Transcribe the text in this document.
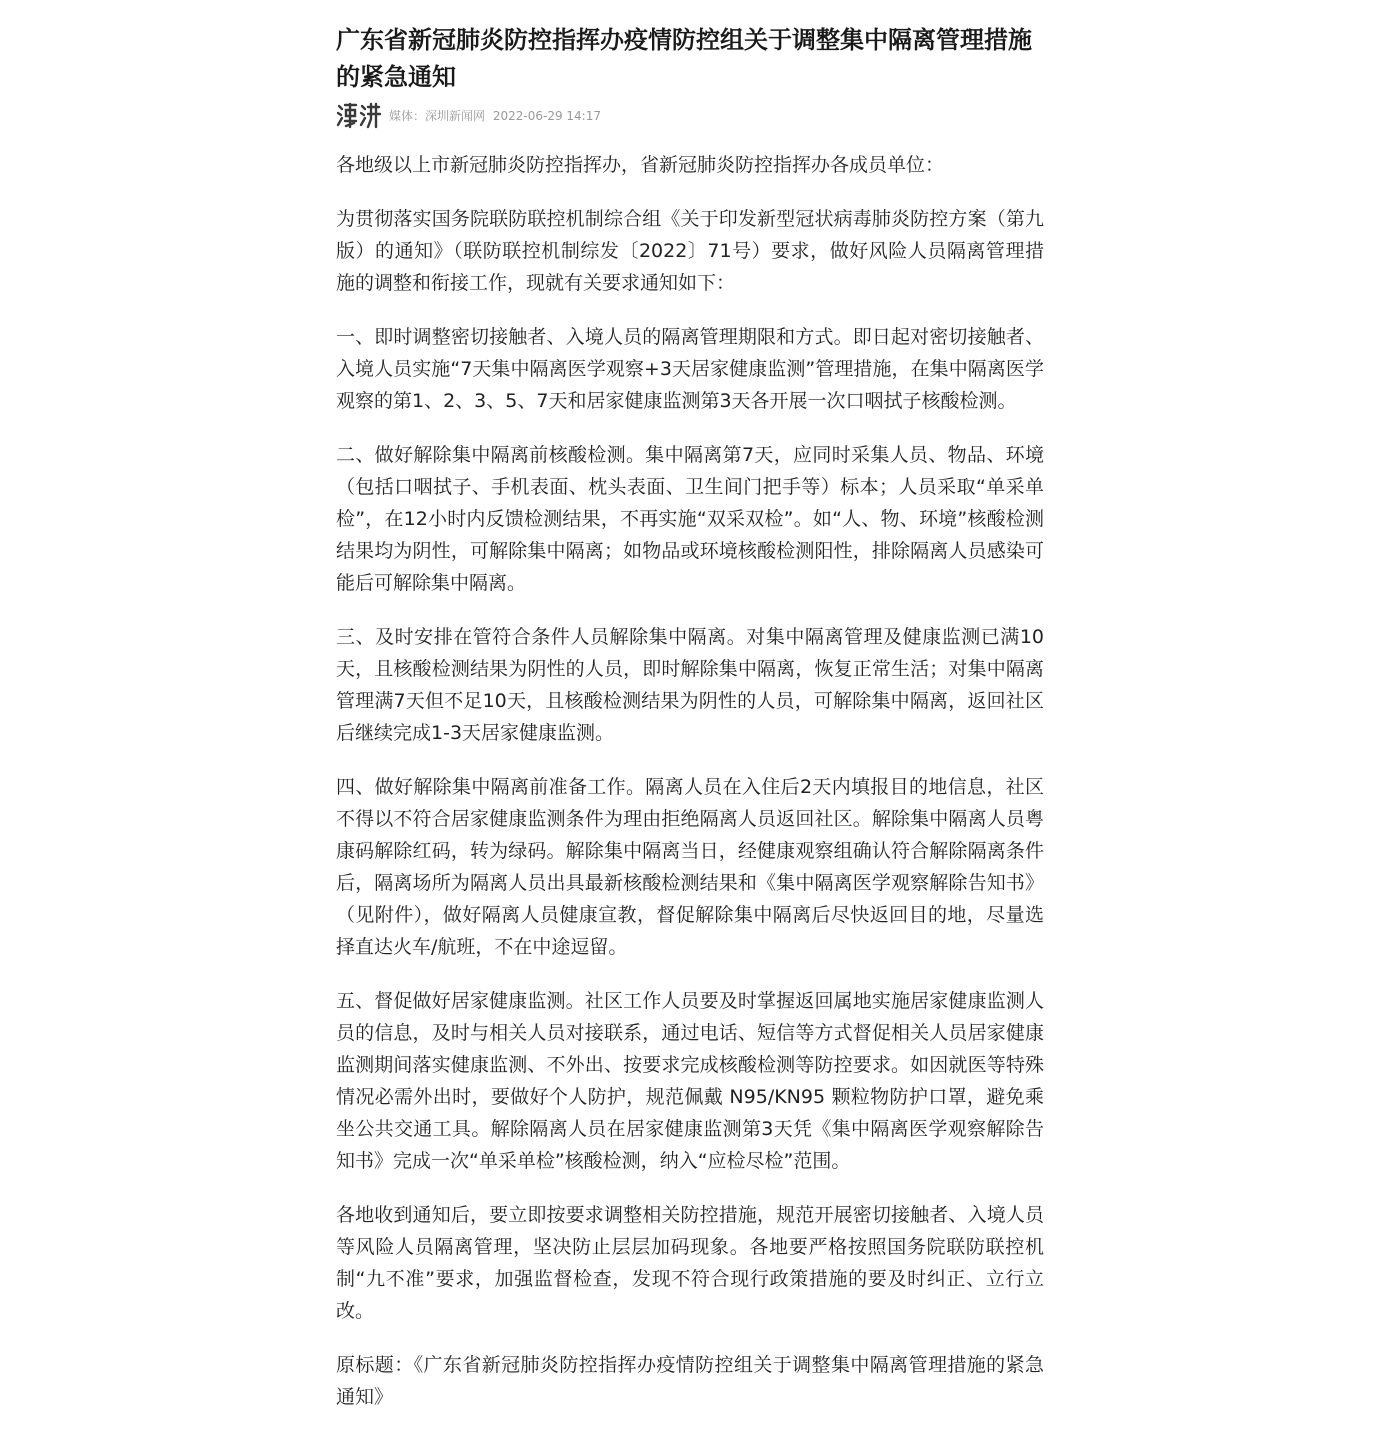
广东省新冠肺炎防控指挥办疫情防控组关于调整集中隔离管理措施的紧急通知
媒体：深圳新闻网 2022-06-29 14:17

各地级以上市新冠肺炎防控指挥办，省新冠肺炎防控指挥办各成员单位：

为贯彻落实国务院联防联控机制综合组《关于印发新型冠状病毒肺炎防控方案（第九版）的通知》（联防联控机制综发〔2022〕71号）要求，做好风险人员隔离管理措施的调整和衔接工作，现就有关要求通知如下：

一、即时调整密切接触者、入境人员的隔离管理期限和方式。即日起对密切接触者、入境人员实施“7天集中隔离医学观察+3天居家健康监测”管理措施，在集中隔离医学观察的第1、2、3、5、7天和居家健康监测第3天各开展一次口咽拭子核酸检测。

二、做好解除集中隔离前核酸检测。集中隔离第7天，应同时采集人员、物品、环境（包括口咽拭子、手机表面、枕头表面、卫生间门把手等）标本；人员采取“单采单检”，在12小时内反馈检测结果，不再实施“双采双检”。如“人、物、环境”核酸检测结果均为阴性，可解除集中隔离；如物品或环境核酸检测阳性，排除隔离人员感染可能后可解除集中隔离。

三、及时安排在管符合条件人员解除集中隔离。对集中隔离管理及健康监测已满10天，且核酸检测结果为阴性的人员，即时解除集中隔离，恢复正常生活；对集中隔离管理满7天但不足10天，且核酸检测结果为阴性的人员，可解除集中隔离，返回社区后继续完成1-3天居家健康监测。

四、做好解除集中隔离前准备工作。隔离人员在入住后2天内填报目的地信息，社区不得以不符合居家健康监测条件为理由拒绝隔离人员返回社区。解除集中隔离人员粤康码解除红码，转为绿码。解除集中隔离当日，经健康观察组确认符合解除隔离条件后，隔离场所为隔离人员出具最新核酸检测结果和《集中隔离医学观察解除告知书》（见附件），做好隔离人员健康宣教，督促解除集中隔离后尽快返回目的地，尽量选择直达火车/航班，不在中途逗留。

五、督促做好居家健康监测。社区工作人员要及时掌握返回属地实施居家健康监测人员的信息，及时与相关人员对接联系，通过电话、短信等方式督促相关人员居家健康监测期间落实健康监测、不外出、按要求完成核酸检测等防控要求。如因就医等特殊情况必需外出时，要做好个人防护，规范佩戴 N95/KN95 颗粒物防护口罩，避免乘坐公共交通工具。解除隔离人员在居家健康监测第3天凭《集中隔离医学观察解除告知书》完成一次“单采单检”核酸检测，纳入“应检尽检”范围。

各地收到通知后，要立即按要求调整相关防控措施，规范开展密切接触者、入境人员等风险人员隔离管理，坚决防止层层加码现象。各地要严格按照国务院联防联控机制“九不准”要求，加强监督检查，发现不符合现行政策措施的要及时纠正、立行立改。

原标题：《广东省新冠肺炎防控指挥办疫情防控组关于调整集中隔离管理措施的紧急通知》
